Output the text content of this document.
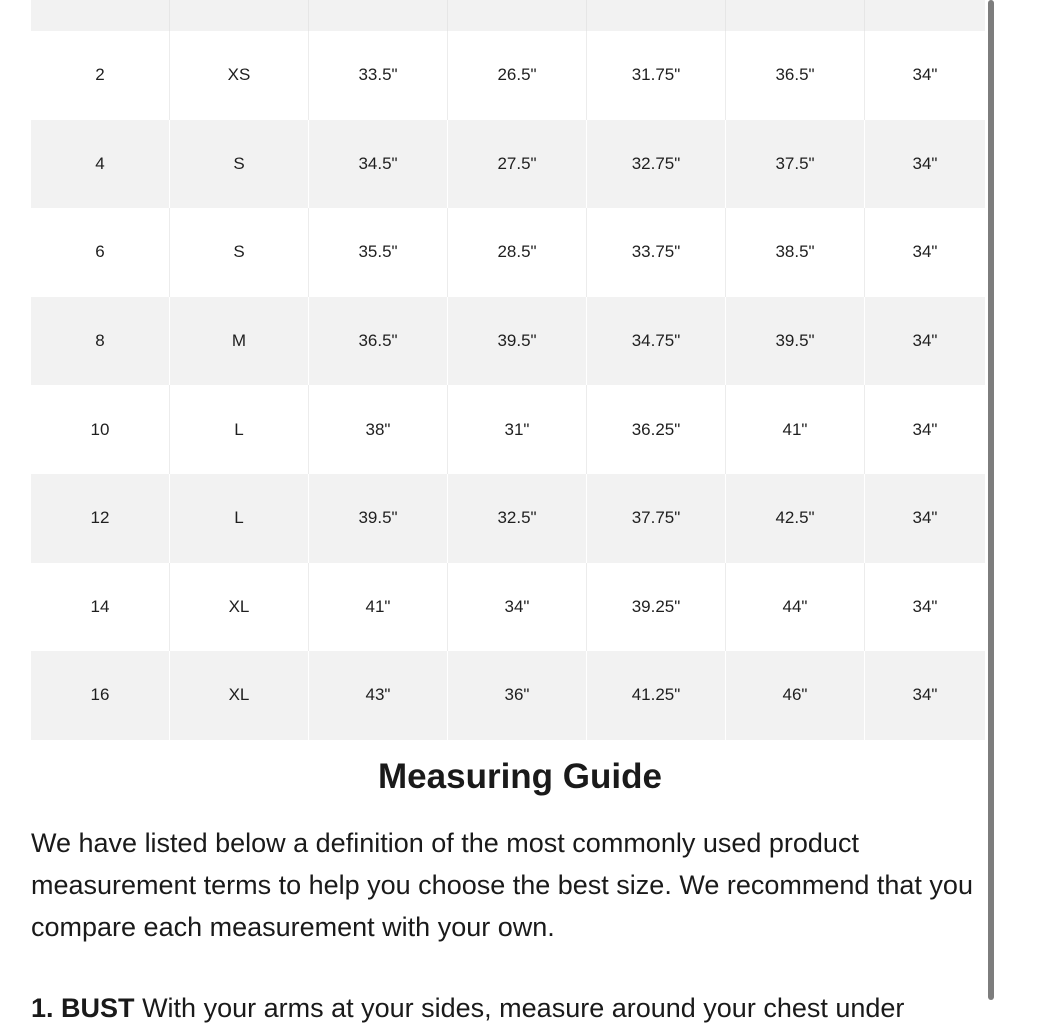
2	XS	33.5"	26.5"	31.75"	36.5"	34"
4	S	34.5"	27.5"	32.75"	37.5"	34"
6	S	35.5"	28.5"	33.75"	38.5"	34"
8	M	36.5"	39.5"	34.75"	39.5"	34"
10	L	38"	31"	36.25"	41"	34"
12	L	39.5"	32.5"	37.75"	42.5"	34"
14	XL	41"	34"	39.25"	44"	34"
16	XL	43"	36"	41.25"	46"	34"
Measuring Guide

We have listed below a definition of the most commonly used product measurement terms to help you choose the best size. We recommend that you compare each measurement with your own.

1. BUST With your arms at your sides, measure around your chest under
